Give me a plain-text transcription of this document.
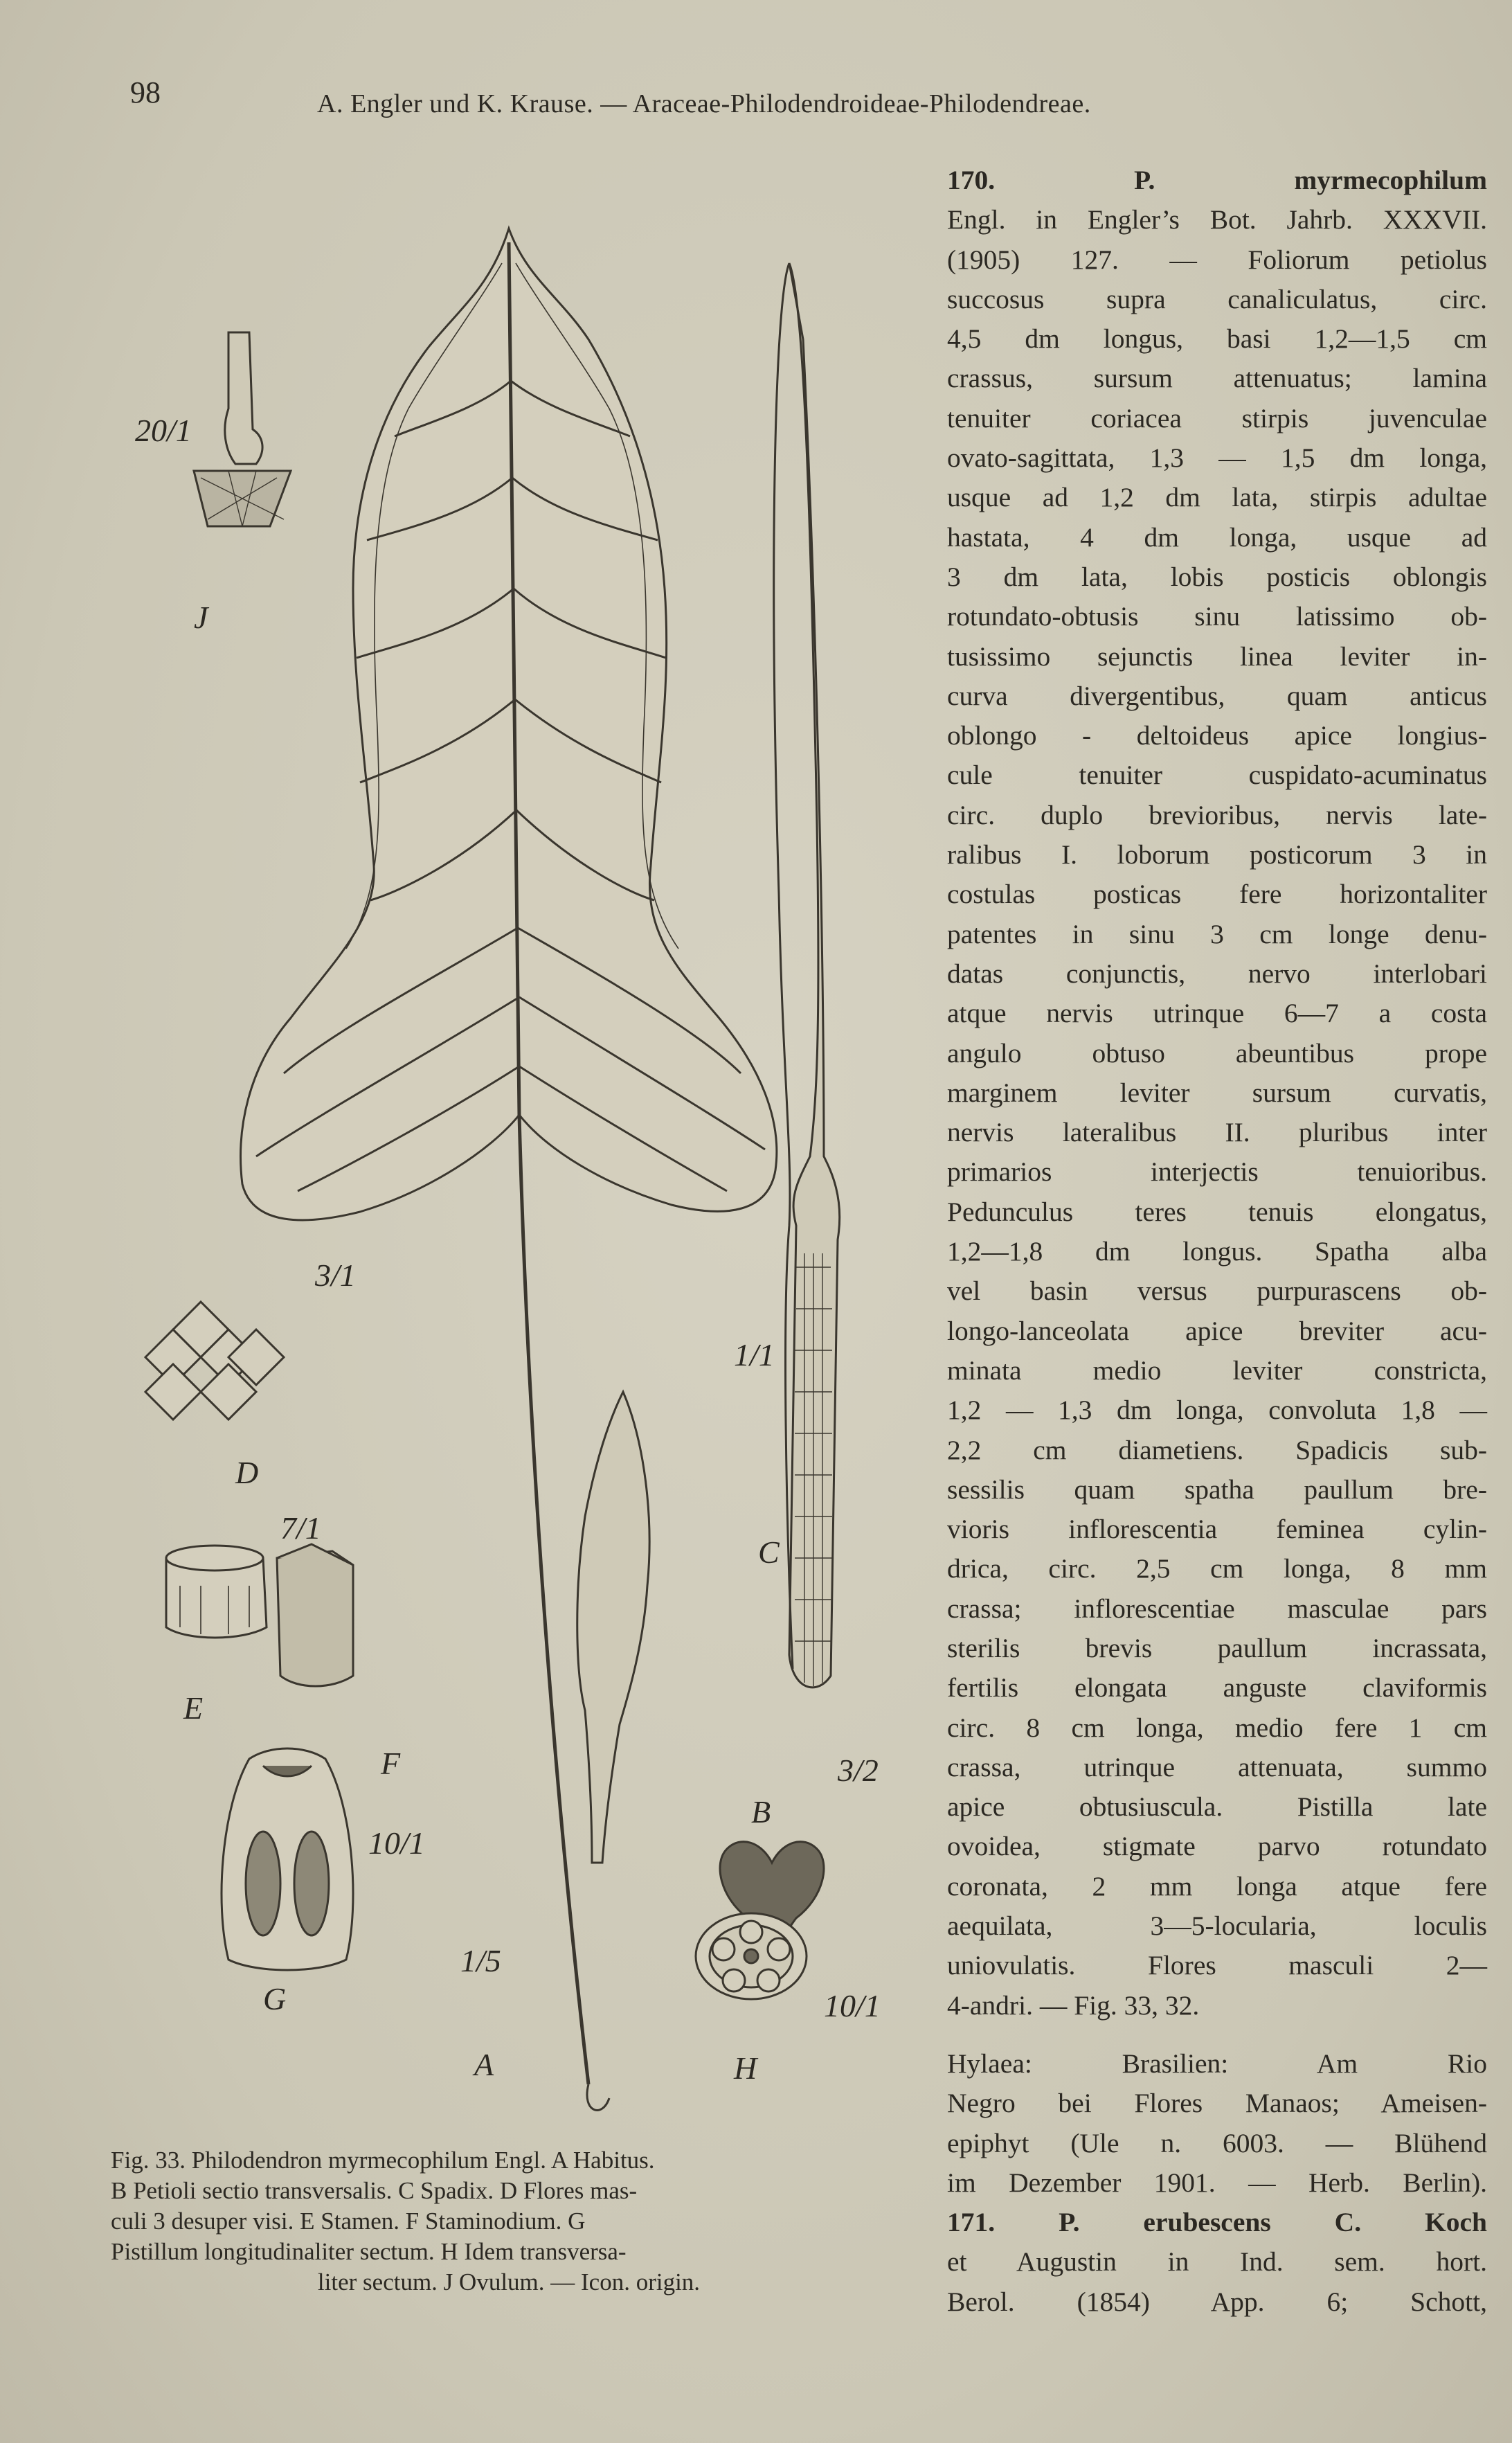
98	A. Engler und K. Krause. — Araceae-Philodendroideae-Philodendreae.
20/1
J
3/1
D
7/1
E
F
10/1
G
1/5
A
1/1
C
3/2
B
10/1
H

170. P. myrmecophilum

Engl. in Engler’s Bot. Jahrb. XXXVII.

(1905) 127. — Foliorum petiolus

succosus supra canaliculatus, circ.

4,5 dm longus, basi 1,2—1,5 cm

crassus, sursum attenuatus; lamina

tenuiter coriacea stirpis juvenculae

ovato-sagittata, 1,3 — 1,5 dm longa,

usque ad 1,2 dm lata, stirpis adultae

hastata, 4 dm longa, usque ad

3 dm lata, lobis posticis oblongis

rotundato-obtusis sinu latissimo ob-

tusissimo sejunctis linea leviter in-

curva divergentibus, quam anticus

oblongo - deltoideus apice longius-

cule tenuiter cuspidato-acuminatus

circ. duplo brevioribus, nervis late-

ralibus I. loborum posticorum 3 in

costulas posticas fere horizontaliter

patentes in sinu 3 cm longe denu-

datas conjunctis, nervo interlobari

atque nervis utrinque 6—7 a costa

angulo obtuso abeuntibus prope

marginem leviter sursum curvatis,

nervis lateralibus II. pluribus inter

primarios interjectis tenuioribus.

Pedunculus teres tenuis elongatus,

1,2—1,8 dm longus. Spatha alba

vel basin versus purpurascens ob-

longo-lanceolata apice breviter acu-

minata medio leviter constricta,

1,2 — 1,3 dm longa, convoluta 1,8 —

2,2 cm diametiens. Spadicis sub-

sessilis quam spatha paullum bre-

vioris inflorescentia feminea cylin-

drica, circ. 2,5 cm longa, 8 mm

crassa; inflorescentiae masculae pars

sterilis brevis paullum incrassata,

fertilis elongata anguste claviformis

circ. 8 cm longa, medio fere 1 cm

crassa, utrinque attenuata, summo

apice obtusiuscula. Pistilla late

ovoidea, stigmate parvo rotundato

coronata, 2 mm longa atque fere

aequilata, 3—5-locularia, loculis

uniovulatis. Flores masculi 2—

4-andri. — Fig. 33, 32.

Hylaea: Brasilien: Am Rio

Negro bei Flores Manaos; Ameisen-

epiphyt (Ule n. 6003. — Blühend

im Dezember 1901. — Herb. Berlin).

171. P. erubescens C. Koch

et Augustin in Ind. sem. hort.

Berol. (1854) App. 6; Schott,

Fig. 33. Philodendron myrmecophilum Engl. A Habitus.
B Petioli sectio transversalis. C Spadix. D Flores mas-
culi 3 desuper visi. E Stamen. F Staminodium. G
Pistillum longitudinaliter sectum. H Idem transversa-
liter sectum. J Ovulum. — Icon. origin.
